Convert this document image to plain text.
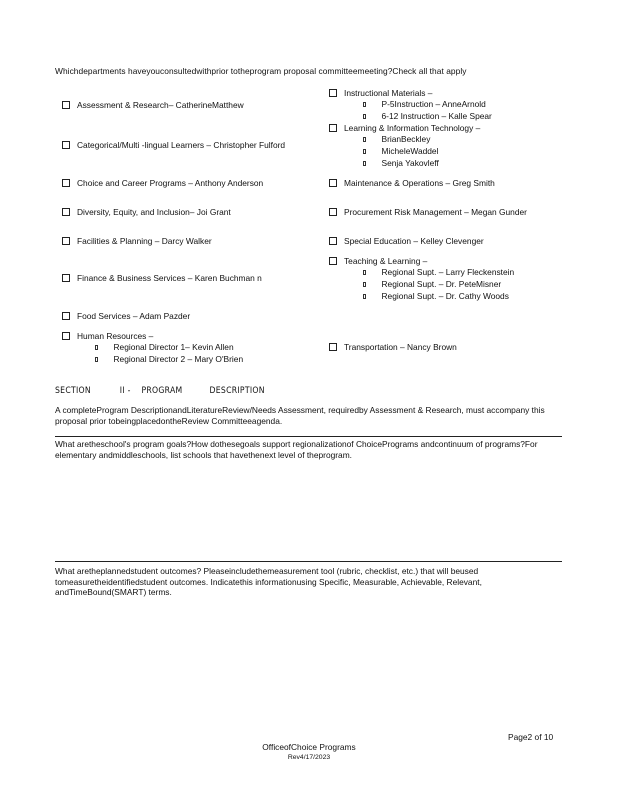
Whichdepartments haveyouconsultedwithprior totheprogram proposal committeemeeting?Check all that apply
Assessment & Research– CatherineMatthew
Categorical/Multi -lingual Learners – Christopher Fulford
Choice and Career Programs – Anthony Anderson
Diversity, Equity, and Inclusion– Joi Grant
Facilities & Planning – Darcy Walker
Finance & Business Services – Karen Buchman n
Food Services – Adam Pazder
Human Resources –
Regional Director 1– Kevin Allen
Regional Director 2 – Mary O'Brien
Instructional Materials –
P-5Instruction – AnneArnold
6-12 Instruction – Kalle Spear
Learning & Information Technology –
BrianBeckley
MicheleWaddel
Senja Yakovleff
Maintenance & Operations – Greg Smith
Procurement Risk Management – Megan Gunder
Special Education – Kelley Clevenger
Teaching & Learning –
Regional Supt. – Larry Fleckenstein
Regional Supt. – Dr. PeteMisner
Regional Supt. – Dr. Cathy Woods
Transportation – Nancy Brown
SECTION	II - PROGRAM	DESCRIPTION
A completeProgram DescriptionandLiteratureReview/Needs Assessment, requiredby Assessment & Research, must accompany this proposal prior tobeingplacedontheReview Committeeagenda.
What aretheschool's program goals?How dothesegoals support regionalizationof ChoicePrograms andcontinuum of programs?For elementary andmiddleschools, list schools that havethenext level of theprogram.
What aretheplannedstudent outcomes? Pleaseincludethemeasurement tool (rubric, checklist, etc.) that will beused tomeasuretheidentifiedstudent outcomes. Indicatethis informationusing Specific, Measurable, Achievable, Relevant, andTimeBound(SMART) terms.
Page2 of 10
OfficeofChoice Programs
Rev4/17/2023
